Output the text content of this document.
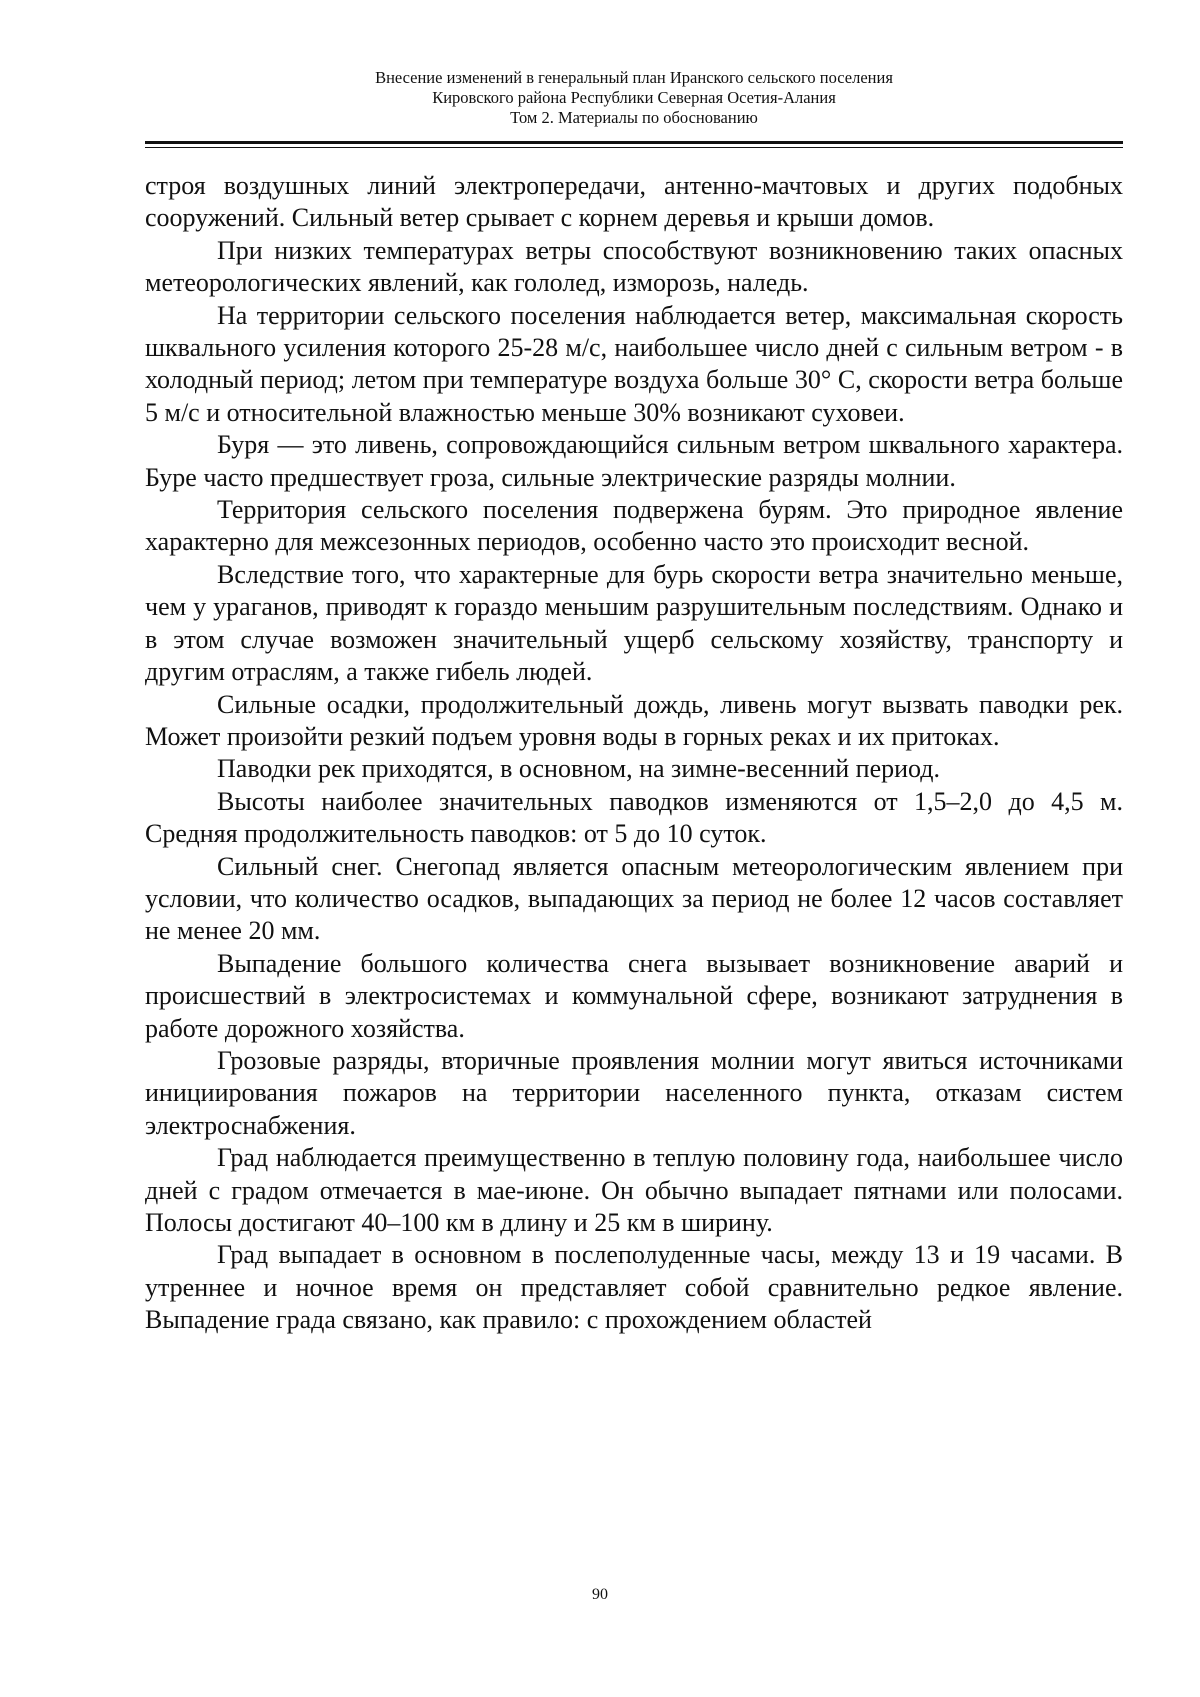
Внесение изменений в генеральный план Иранского сельского поселения
Кировского района Республики Северная Осетия-Алания
Том 2. Материалы по обоснованию

строя воздушных линий электропередачи, антенно-мачтовых и других подобных сооружений. Сильный ветер срывает с корнем деревья и крыши домов.

При низких температурах ветры способствуют возникновению таких опасных метеорологических явлений, как гололед, изморозь, наледь.

На территории сельского поселения наблюдается ветер, максимальная скорость шквального усиления которого 25-28 м/с, наибольшее число дней с сильным ветром - в холодный период; летом при температуре воздуха больше 30° С, скорости ветра больше 5 м/с и относительной влажностью меньше 30% возникают суховеи.

Буря — это ливень, сопровождающийся сильным ветром шквального характера. Буре часто предшествует гроза, сильные электрические разряды молнии.

Территория сельского поселения подвержена бурям. Это природное явление характерно для межсезонных периодов, особенно часто это происходит весной.

Вследствие того, что характерные для бурь скорости ветра значительно меньше, чем у ураганов, приводят к гораздо меньшим разрушительным последствиям. Однако и в этом случае возможен значительный ущерб сельскому хозяйству, транспорту и другим отраслям, а также гибель людей.

Сильные осадки, продолжительный дождь, ливень могут вызвать паводки рек. Может произойти резкий подъем уровня воды в горных реках и их притоках.

Паводки рек приходятся, в основном, на зимне-весенний период.

Высоты наиболее значительных паводков изменяются от 1,5–2,0 до 4,5 м. Средняя продолжительность паводков: от 5 до 10 суток.

Сильный снег. Снегопад является опасным метеорологическим явлением при условии, что количество осадков, выпадающих за период не более 12 часов составляет не менее 20 мм.

Выпадение большого количества снега вызывает возникновение аварий и происшествий в электросистемах и коммунальной сфере, возникают затруднения в работе дорожного хозяйства.

Грозовые разряды, вторичные проявления молнии могут явиться источниками инициирования пожаров на территории населенного пункта, отказам систем электроснабжения.

Град наблюдается преимущественно в теплую половину года, наибольшее число дней с градом отмечается в мае-июне. Он обычно выпадает пятнами или полосами. Полосы достигают 40–100 км в длину и 25 км в ширину.

Град выпадает в основном в послеполуденные часы, между 13 и 19 часами. В утреннее и ночное время он представляет собой сравнительно редкое явление. Выпадение града связано, как правило: с прохождением областей

90
